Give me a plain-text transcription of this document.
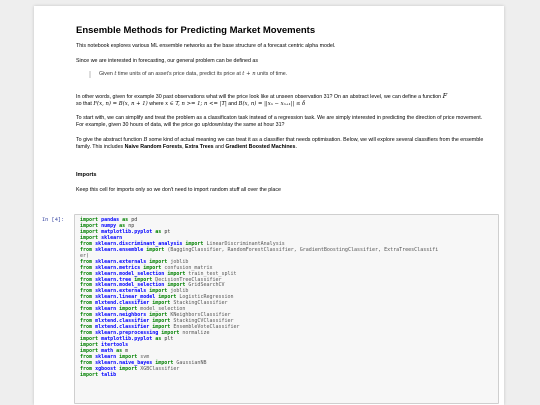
Ensemble Methods for Predicting Market Movements
This notebook explores various ML ensemble networks as the base structure of a forecast centric alpha model.
Since we are interested in forecasting, our general problem can be defined as
Given t time units of an asset's price data, predict its price at t + n units of time.
In other words, given for example 30 past observations what will the price look like at unseen observation 31? On an abstract level, we can define a function F
so that F(x, n) = B(x, n + 1) where x ∈ T, n >= 1; n <= |T| and B(x, n) = ||xₙ − xₙ₊₁|| ≤ δ
To start with, we can simplify and treat the problem as a classificaton task instead of a regression task. We are simply interested in predicting the direction of price movement. For example, given 30 hours of data, will the price go up/down/stay the same at hour 31?
To give the abstract function B some kind of actual meaning we can treat it as a classifier that needs optimisation. Below, we will explore several classifiers from the ensemble family. This includes Naive Random Forests, Extra Trees and Gradient Boosted Machines.
Imports
Keep this cell for imports only so we don't need to import random stuff all over the place
In [4]:	import pandas as pd
import numpy as np
import matplotlib.pyplot as pt
import sklearn
from sklearn.discriminant_analysis import LinearDiscriminantAnalysis
from sklearn.ensemble import (BaggingClassifier, RandomForestClassifier, GradientBoostingClassifier, ExtraTreesClassifi
er)
from sklearn.externals import joblib
from sklearn.metrics import confusion_matrix
from sklearn.model_selection import train_test_split
from sklearn.tree import DecisionTreeClassifier
from sklearn.model_selection import GridSearchCV
from sklearn.externals import joblib
from sklearn.linear_model import LogisticRegression
from mlxtend.classifier import StackingClassifier
from sklearn import model_selection
from sklearn.neighbors import KNeighborsClassifier
from mlxtend.classifier import StackingCVClassifier
from mlxtend.classifier import EnsembleVoteClassifier
from sklearn.preprocessing import normalize
import matplotlib.pyplot as plt
import itertools
import math as m
from sklearn import svm
from sklearn.naive_bayes import GaussianNB
from xgboost import XGBClassifier
import talib
